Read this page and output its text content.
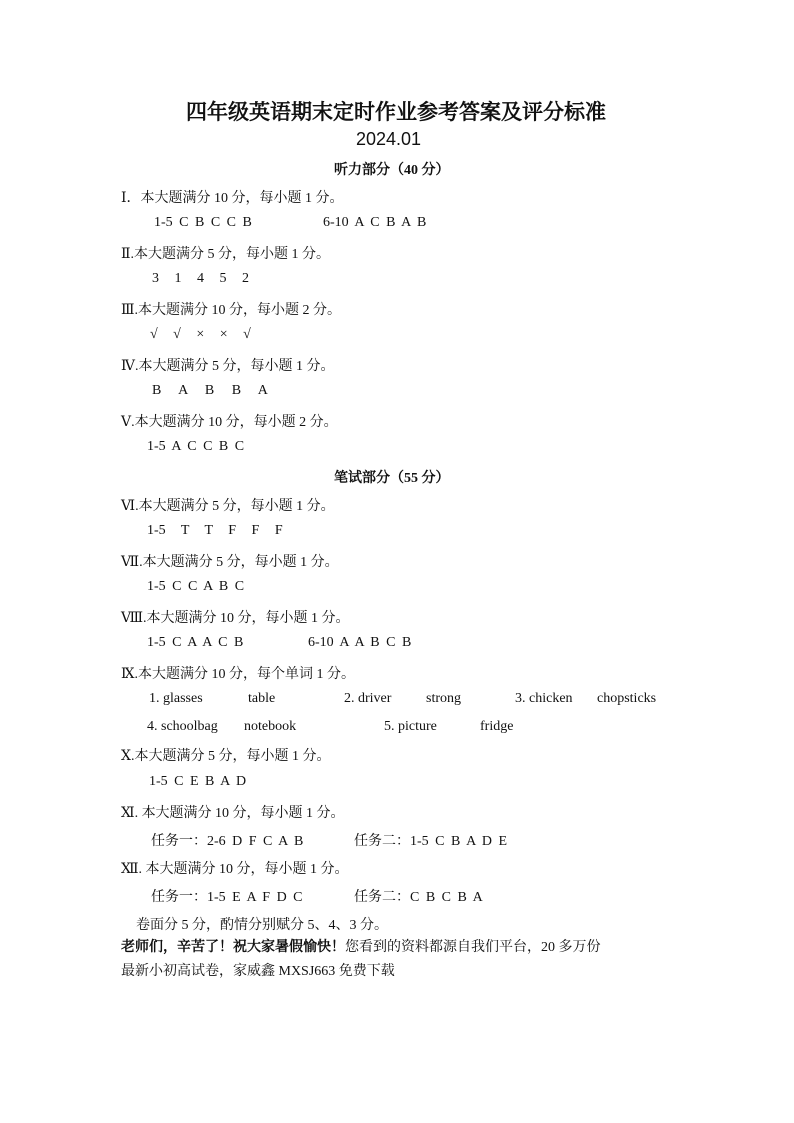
四年级英语期末定时作业参考答案及评分标准
2024.01
听力部分（40 分）
Ⅰ．本大题满分 10 分，每小题 1 分。
1-5 C B C C B	6-10 A C B A B
Ⅱ.本大题满分 5 分，每小题 1 分。
3 1 4 5 2
Ⅲ.本大题满分 10 分，每小题 2 分。
√ √ × × √
Ⅳ.本大题满分 5 分，每小题 1 分。
B A B B A
Ⅴ.本大题满分 10 分，每小题 2 分。
1-5 A C C B C
笔试部分（55 分）
Ⅵ.本大题满分 5 分，每小题 1 分。
1-5 T T F F F
Ⅶ.本大题满分 5 分，每小题 1 分。
1-5 C C A B C
Ⅷ.本大题满分 10 分，每小题 1 分。
1-5 C A A C B	6-10 A A B C B
Ⅸ.本大题满分 10 分，每个单词 1 分。
1. glasses	table	2. driver strong	3. chicken chopsticks
4. schoolbag notebook	5. picture	fridge
Ⅹ.本大题满分 5 分，每小题 1 分。
1-5 C E B A D
Ⅺ. 本大题满分 10 分，每小题 1 分。
任务一：2-6 D F C A B	任务二：1-5 C B A D E
Ⅻ. 本大题满分 10 分，每小题 1 分。
任务一：1-5 E A F D C	任务二：C B C B A
卷面分 5 分，酌情分别赋分 5、4、3 分。
老师们，辛苦了！祝大家暑假愉快！您看到的资料都源自我们平台，20 多万份
最新小初高试卷，家威鑫 MXSJ663 免费下载
